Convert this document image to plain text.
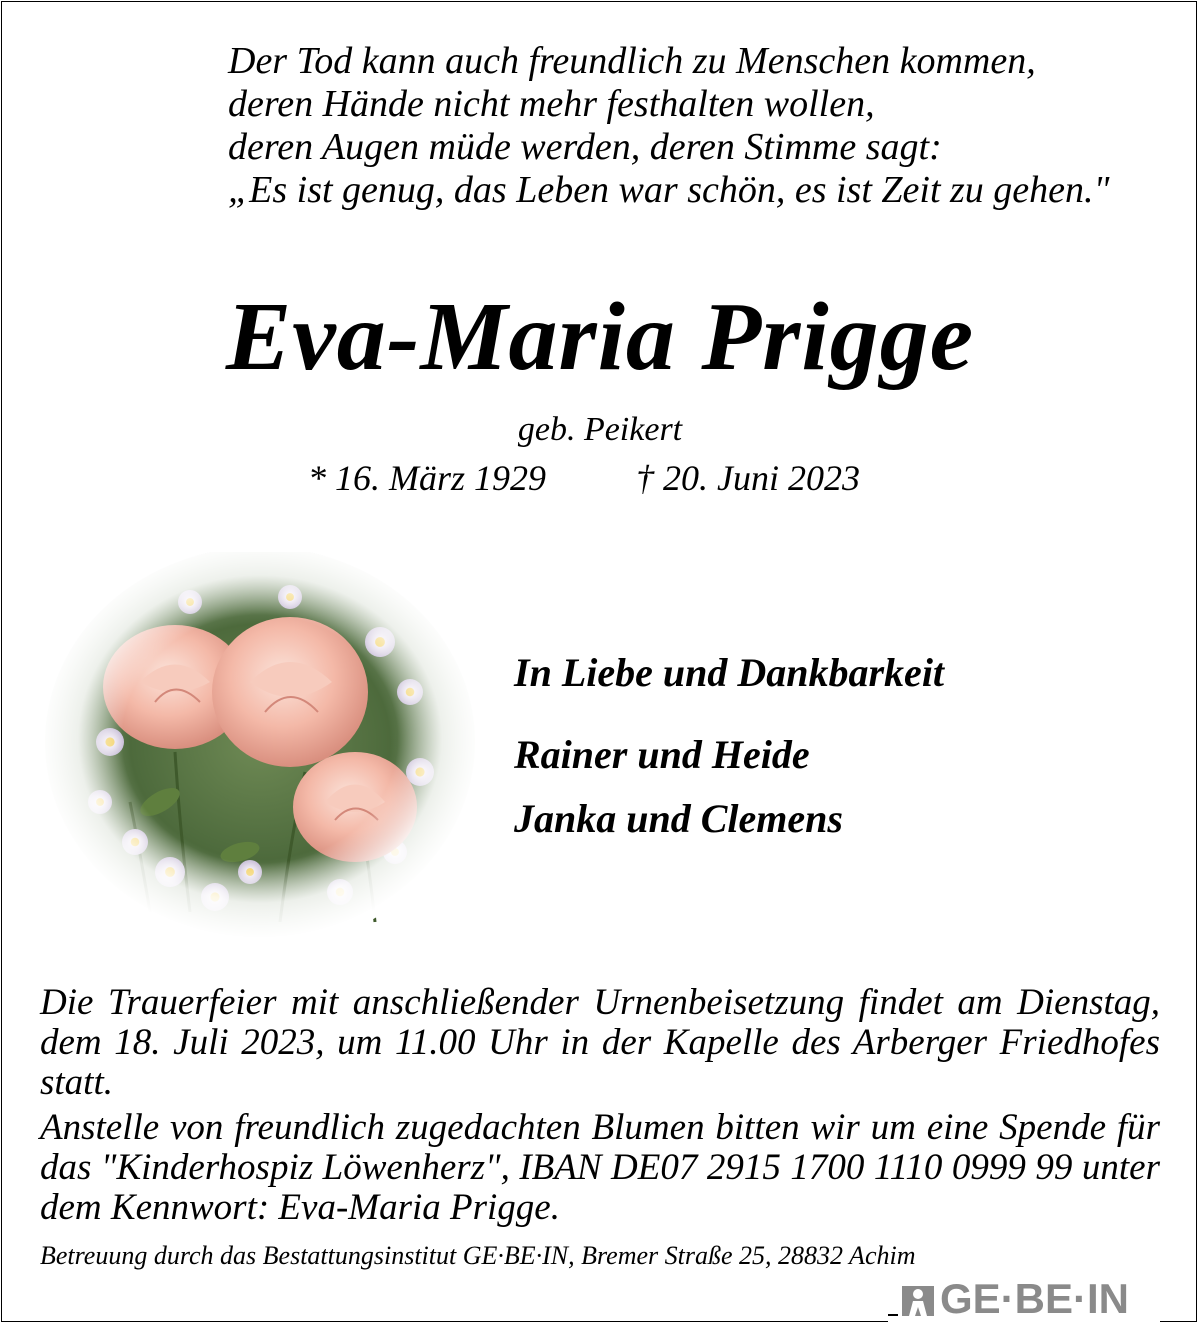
Der Tod kann auch freundlich zu Menschen kommen,
deren Hände nicht mehr festhalten wollen,
deren Augen müde werden, deren Stimme sagt:
„Es ist genug, das Leben war schön, es ist Zeit zu gehen."
Eva-Maria Prigge
geb. Peikert
* 16. März 1929 † 20. Juni 2023
In Liebe und Dankbarkeit
Rainer und Heide
Janka und Clemens
Die Trauerfeier mit anschließender Urnenbeisetzung findet am Dienstag, dem 18. Juli 2023, um 11.00 Uhr in der Kapelle des Arberger Friedhofes statt.
Anstelle von freundlich zugedachten Blumen bitten wir um eine Spende für das "Kinderhospiz Löwenherz", IBAN DE07 2915 1700 1110 0999 99 unter dem Kennwort: Eva-Maria Prigge.
Betreuung durch das Bestattungsinstitut GE·BE·IN, Bremer Straße 25, 28832 Achim
GE·BE·IN
